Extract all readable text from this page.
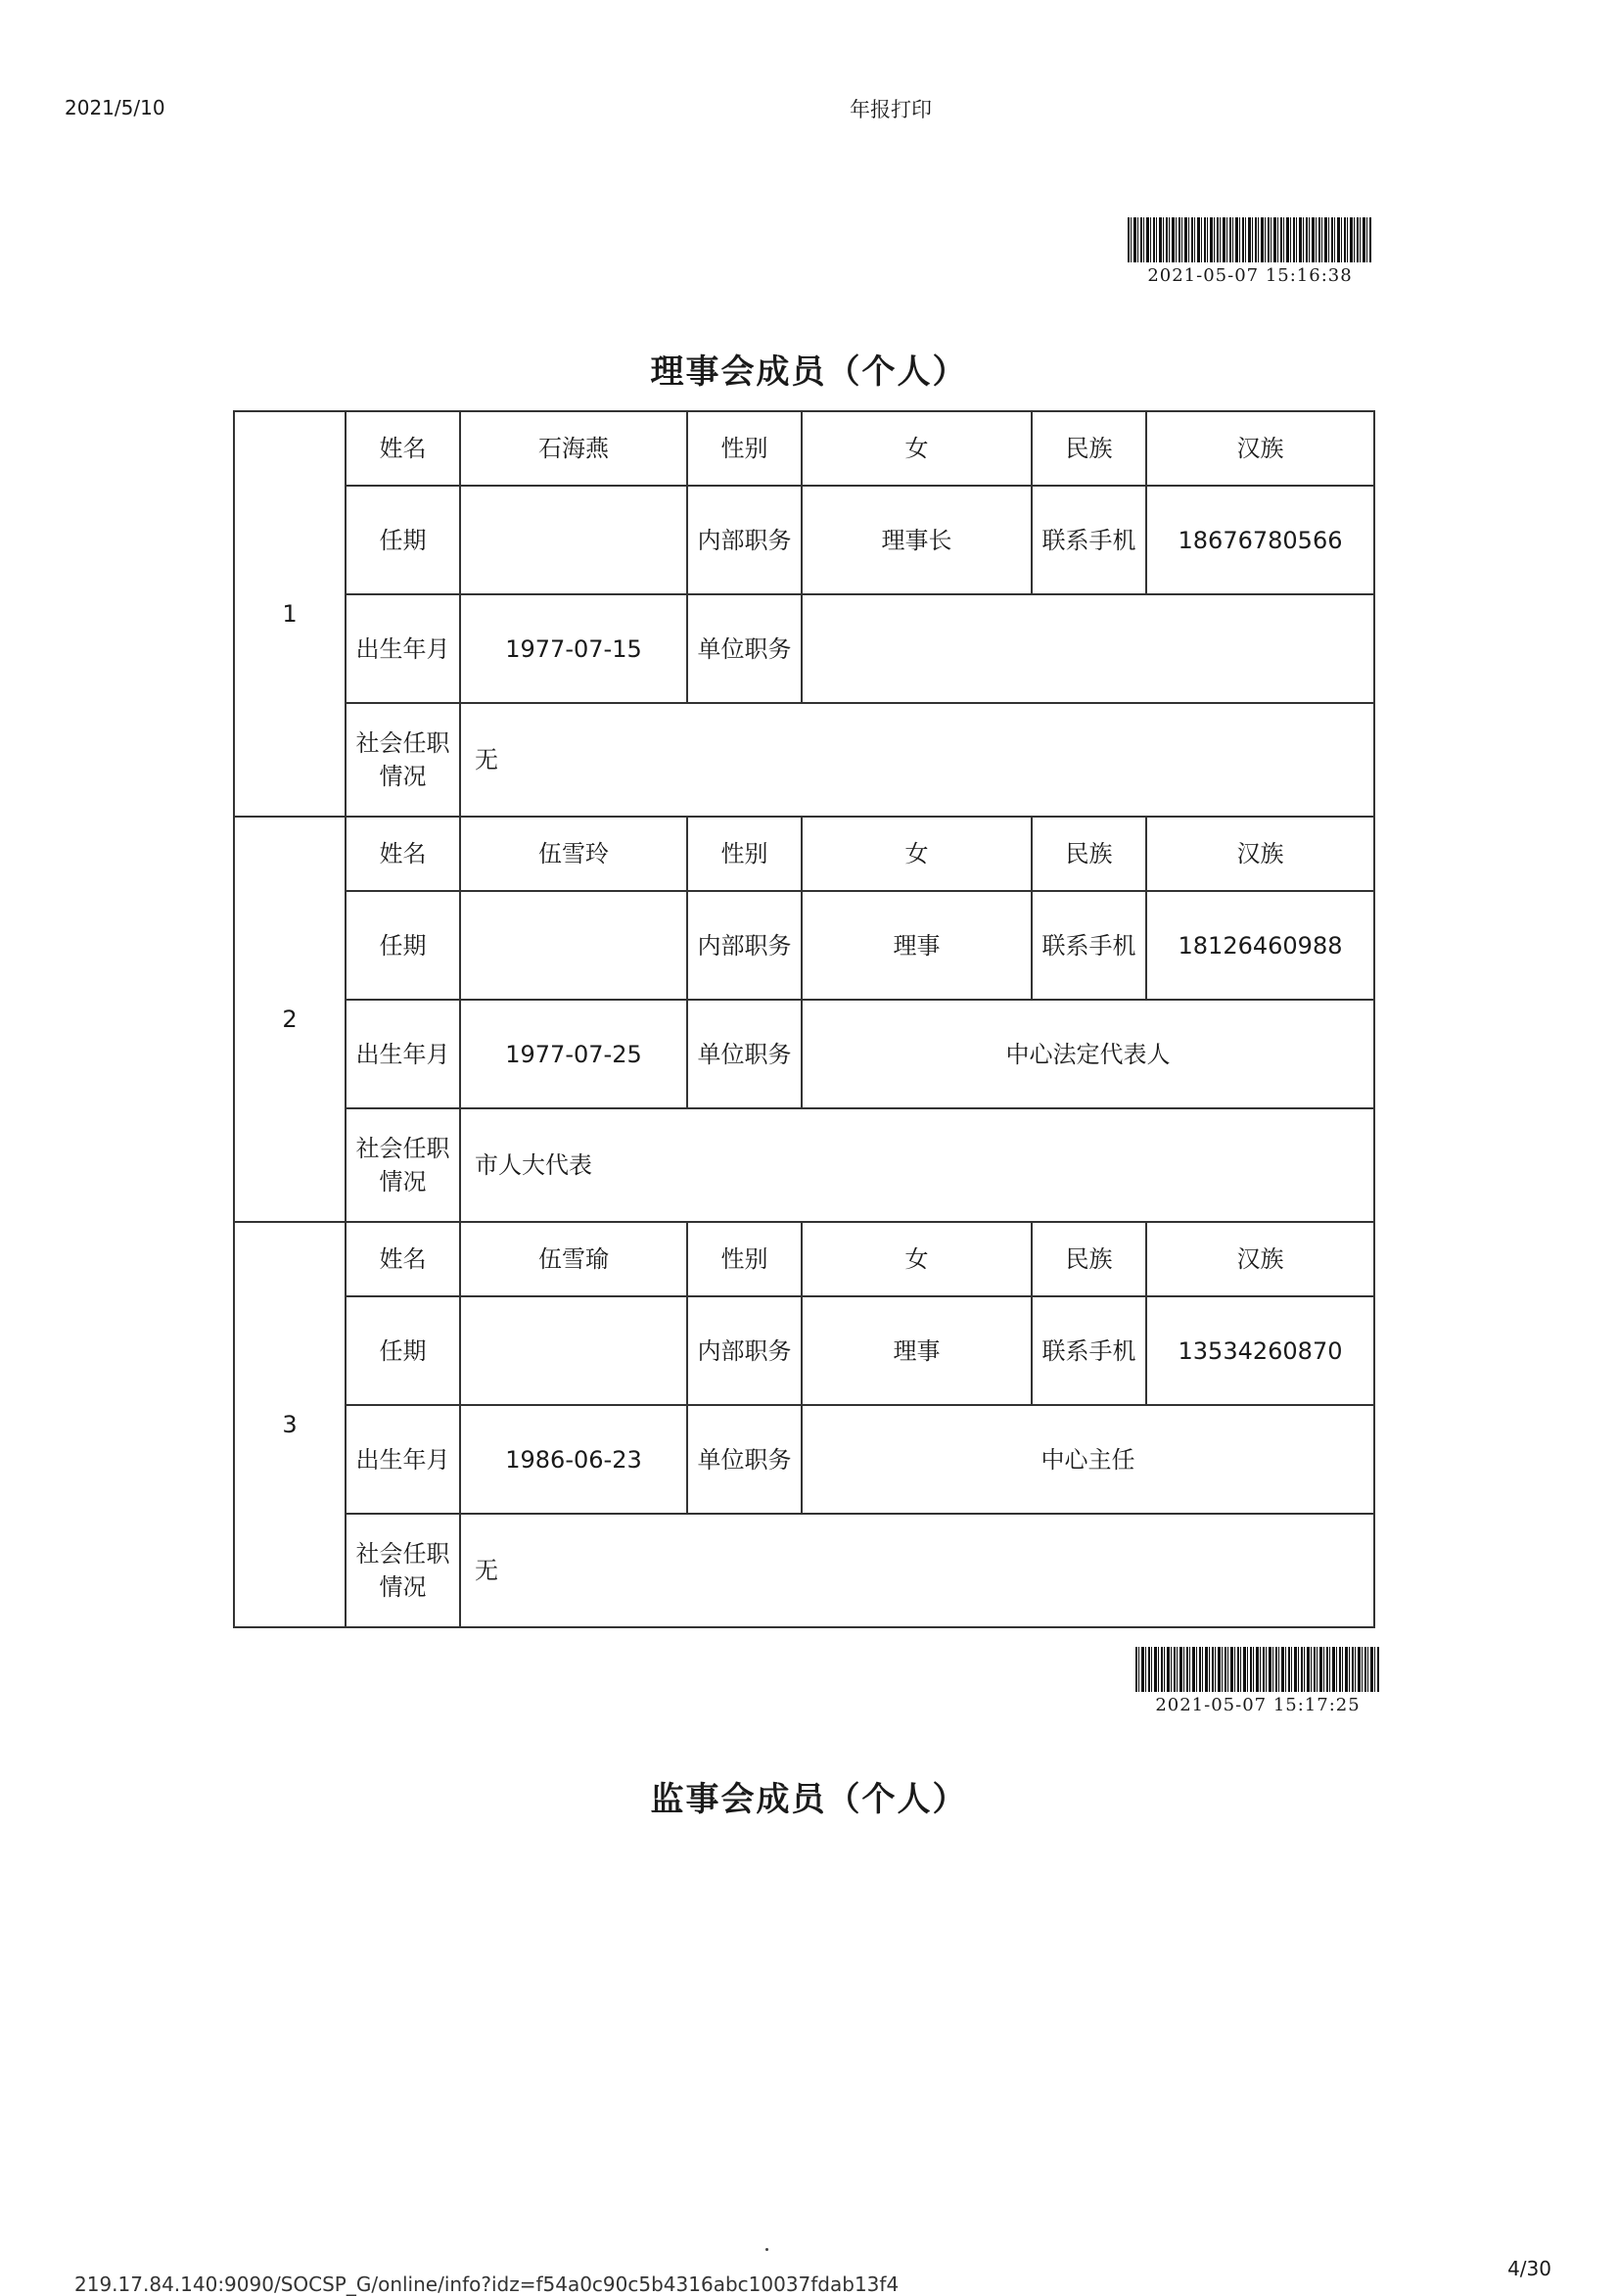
2021/5/10	年报打印
2021-05-07 15:16:38
理事会成员（个人）
1	姓名	石海燕	性别	女	民族	汉族
	任期		内部职务	理事长	联系手机	18676780566
	出生年月	1977-07-15	单位职务			
	社会任职情况	无				
2	姓名	伍雪玲	性别	女	民族	汉族
	任期		内部职务	理事	联系手机	18126460988
	出生年月	1977-07-25	单位职务	中心法定代表人		
	社会任职情况	市人大代表				
3	姓名	伍雪瑜	性别	女	民族	汉族
	任期		内部职务	理事	联系手机	13534260870
	出生年月	1986-06-23	单位职务	中心主任		
	社会任职情况	无				
2021-05-07 15:17:25
监事会成员（个人）
219.17.84.140:9090/SOCSP_G/online/info?idz=f54a0c90c5b4316abc10037fdab13f4
4/30
